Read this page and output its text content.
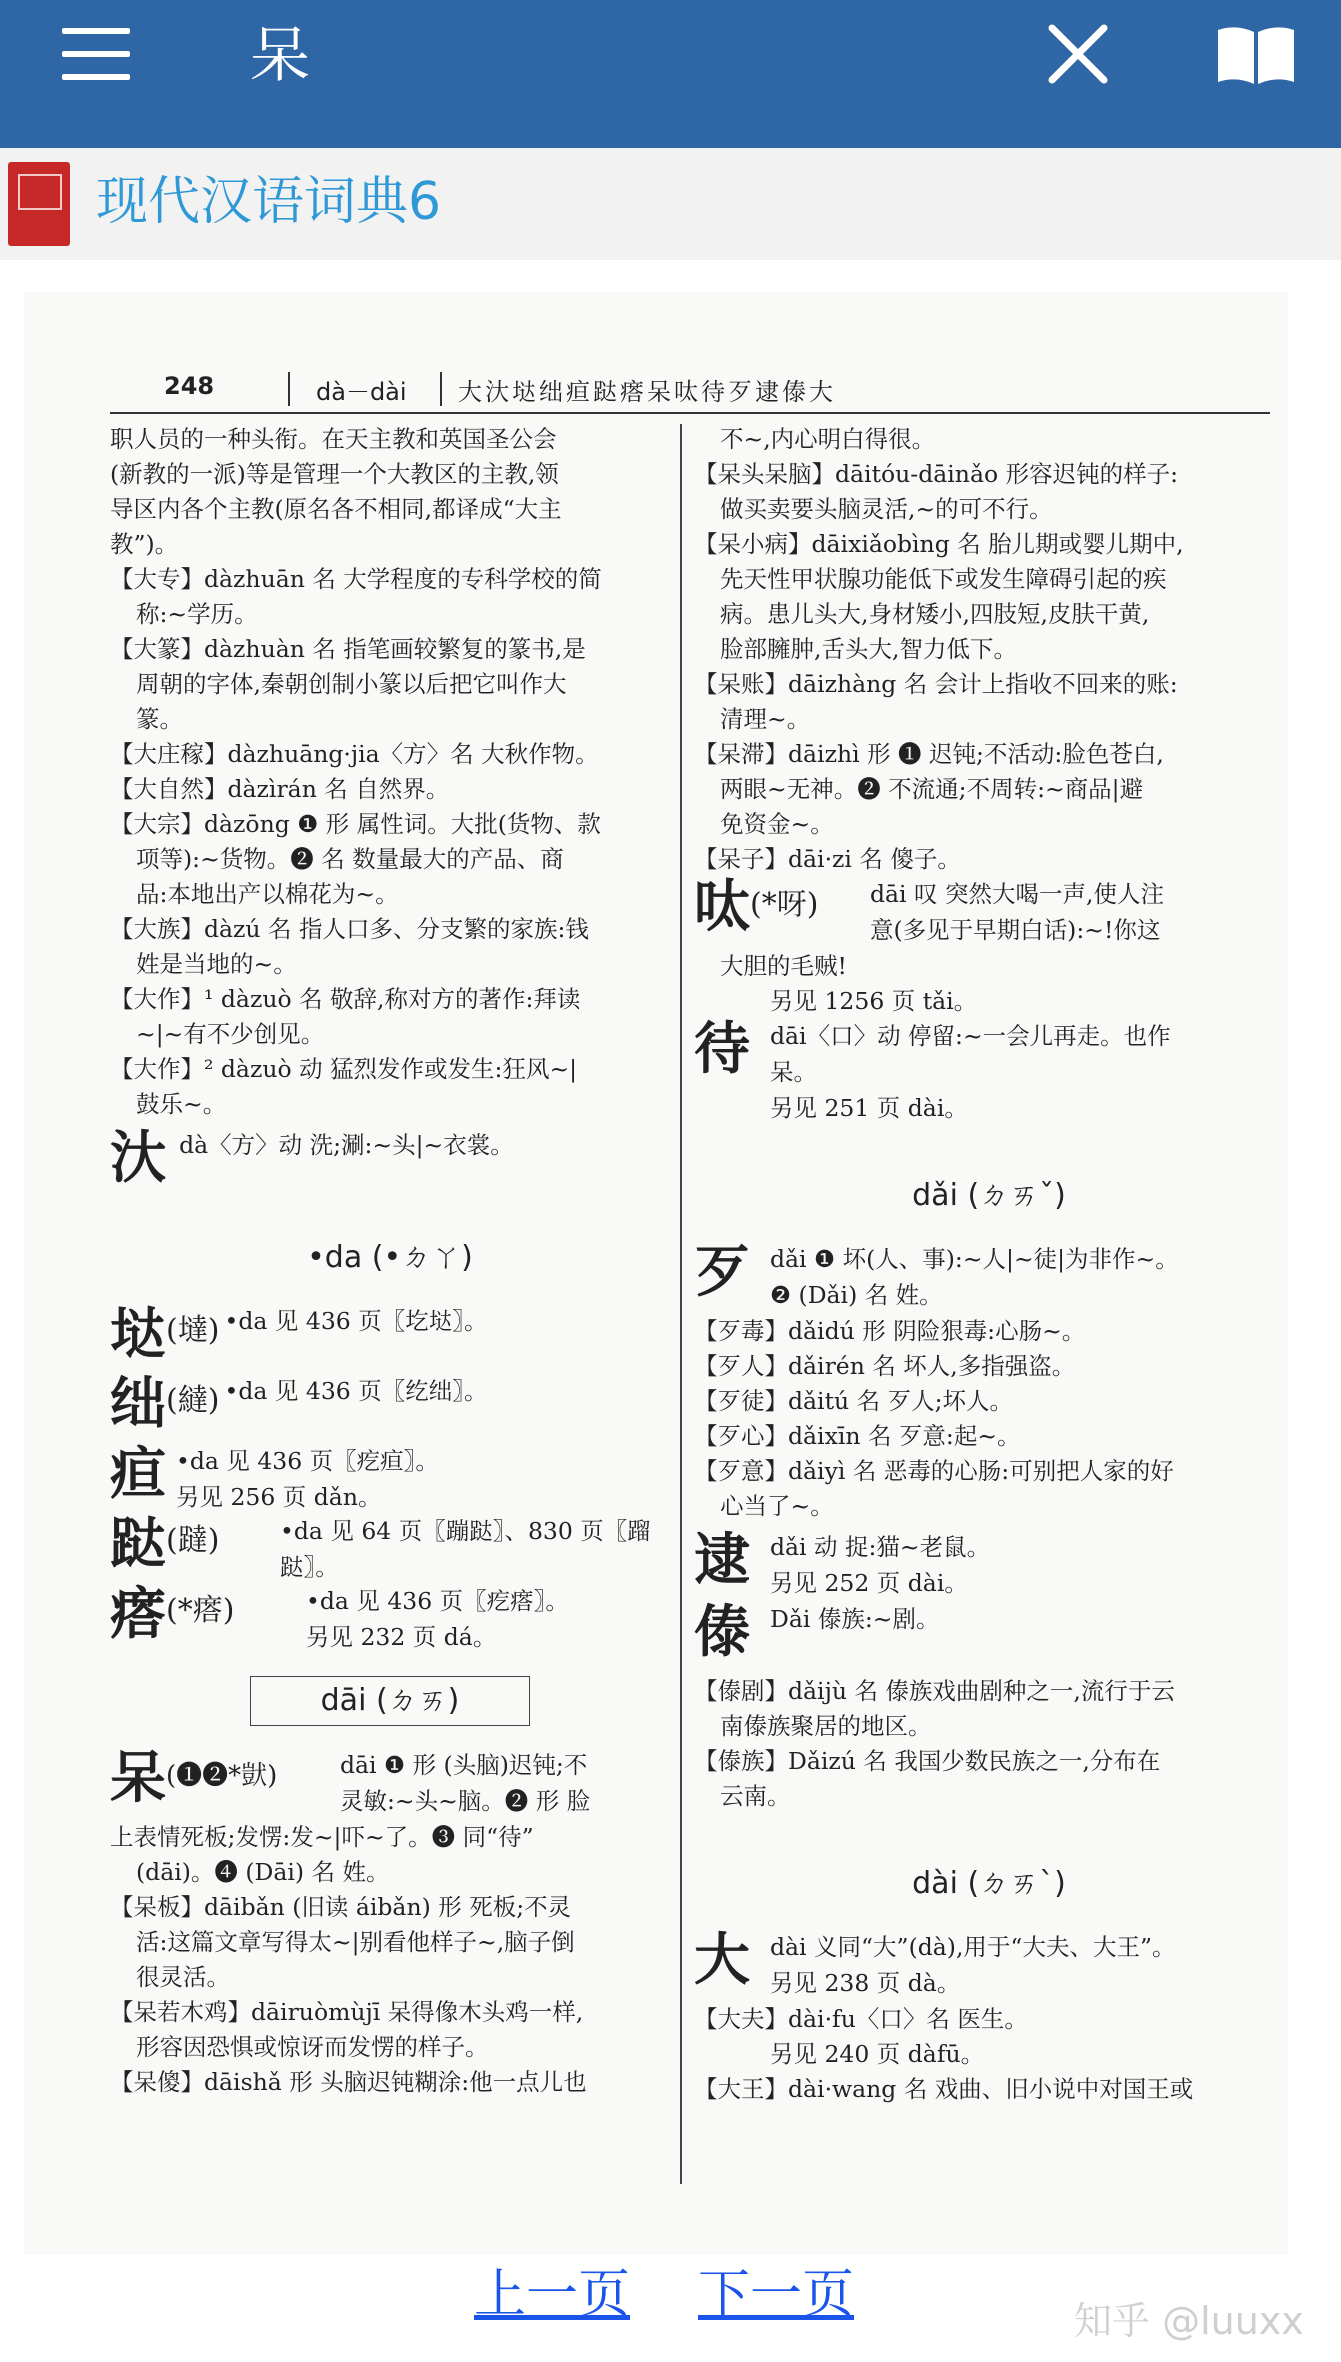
呆
现代汉语词典6
248	dà－dài 大汏垯绌疸跶瘩呆呔待歹逮傣大
职人员的一种头衔。在天主教和英国圣公会
(新教的一派)等是管理一个大教区的主教,领
导区内各个主教(原名各不相同,都译成“大主
教”)。
【大专】dàzhuān 名 大学程度的专科学校的简
称:~学历。
【大篆】dàzhuàn 名 指笔画较繁复的篆书,是
周朝的字体,秦朝创制小篆以后把它叫作大
篆。
【大庄稼】dàzhuāng·jia〈方〉名 大秋作物。
【大自然】dàzìrán 名 自然界。
【大宗】dàzōng ❶ 形 属性词。大批(货物、款
项等):~货物。❷ 名 数量最大的产品、商
品:本地出产以棉花为~。
【大族】dàzú 名 指人口多、分支繁的家族:钱
姓是当地的~。
【大作】¹ dàzuò 名 敬辞,称对方的著作:拜读
~|~有不少创见。
【大作】² dàzuò 动 猛烈发作或发生:狂风~|
鼓乐~。
汏 dà〈方〉动 洗;涮:~头|~衣裳。
•da (•ㄉㄚ)
垯(墶) •da 见 436 页〖圪垯〗。
绌(繨) •da 见 436 页〖纥绌〗。
疸 •da 见 436 页〖疙疸〗。
另见 256 页 dǎn。
跶(躂)	•da 见 64 页〖蹦跶〗、830 页〖蹓
跶〗。
瘩(*瘩)	•da 见 436 页〖疙瘩〗。
另见 232 页 dá。
dāi (ㄉㄞ)
呆(❶❷*獃)	dāi ❶ 形 (头脑)迟钝;不
灵敏:~头~脑。❷ 形 脸
上表情死板;发愣:发~|吓~了。❸ 同“待”
(dāi)。❹ (Dāi) 名 姓。
【呆板】dāibǎn (旧读 áibǎn) 形 死板;不灵
活:这篇文章写得太~|别看他样子~,脑子倒
很灵活。
【呆若木鸡】dāiruòmùjī 呆得像木头鸡一样,
形容因恐惧或惊讶而发愣的样子。
【呆傻】dāishǎ 形 头脑迟钝糊涂:他一点儿也
不~,内心明白得很。
【呆头呆脑】dāitóu-dāinǎo 形容迟钝的样子:
做买卖要头脑灵活,~的可不行。
【呆小病】dāixiǎobìng 名 胎儿期或婴儿期中,
先天性甲状腺功能低下或发生障碍引起的疾
病。患儿头大,身材矮小,四肢短,皮肤干黄,
脸部臃肿,舌头大,智力低下。
【呆账】dāizhàng 名 会计上指收不回来的账:
清理~。
【呆滞】dāizhì 形 ❶ 迟钝;不活动:脸色苍白,
两眼~无神。❷ 不流通;不周转:~商品|避
免资金~。
【呆子】dāi·zi 名 傻子。
呔(*呀) dāi 叹 突然大喝一声,使人注
意(多见于早期白话):~!你这
大胆的毛贼!
另见 1256 页 tǎi。
待 dāi〈口〉动 停留:~一会儿再走。也作
呆。
另见 251 页 dài。
dǎi (ㄉㄞˇ)
歹 dǎi ❶ 坏(人、事):~人|~徒|为非作~。
❷ (Dǎi) 名 姓。
【歹毒】dǎidú 形 阴险狠毒:心肠~。
【歹人】dǎirén 名 坏人,多指强盗。
【歹徒】dǎitú 名 歹人;坏人。
【歹心】dǎixīn 名 歹意:起~。
【歹意】dǎiyì 名 恶毒的心肠:可别把人家的好
心当了~。
逮 dǎi 动 捉:猫~老鼠。
另见 252 页 dài。
傣 Dǎi 傣族:~剧。
【傣剧】dǎijù 名 傣族戏曲剧种之一,流行于云
南傣族聚居的地区。
【傣族】Dǎizú 名 我国少数民族之一,分布在
云南。
dài (ㄉㄞˋ)
大 dài 义同“大”(dà),用于“大夫、大王”。
另见 238 页 dà。
【大夫】dài·fu〈口〉名 医生。
另见 240 页 dàfū。
【大王】dài·wang 名 戏曲、旧小说中对国王或
上一页 下一页	知乎 @luuxx
